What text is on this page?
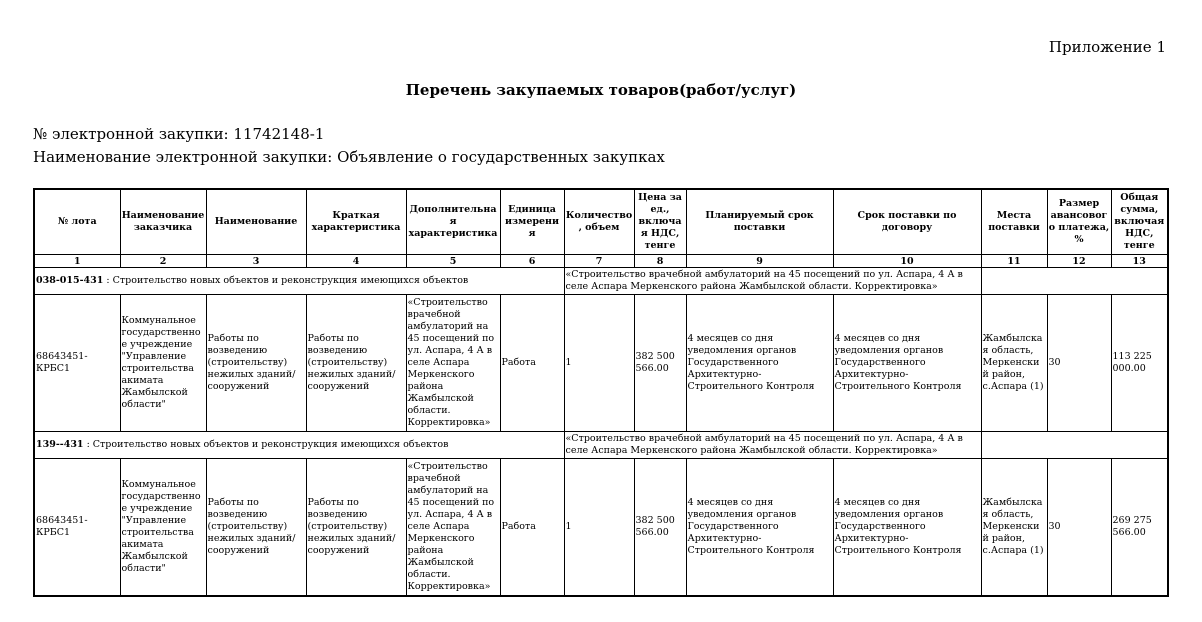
Приложение 1
Перечень закупаемых товаров(работ/услуг)
№ электронной закупки: 11742148-1
Наименование электронной закупки: Объявление о государственных закупках
№ лота	Наименование заказчика	Наименование	Краткая характеристика	Дополнительная характеристика	Единица измерения	Количество, объем	Цена за ед., включая НДС, тенге	Планируемый срок поставки	Срок поставки по договору	Места поставки	Размер авансового платежа, %	Общая сумма, включая НДС, тенге
1	2	3	4	5	6	7	8	9	10	11	12	13
038-015-431 : Строительство новых объектов и реконструкция имеющихся объектов						«Строительство врачебной амбулаторий на 45 посещений по ул. Аспара, 4 А в селе Аспара Меркенского района Жамбылской области. Корректировка»						
68643451-КРБС1	Коммунальное государственное учреждение "Управление строительства акимата Жамбылской области"	Работы по возведению (строительству) нежилых зданий/сооружений	Работы по возведению (строительству) нежилых зданий/сооружений	«Строительство врачебной амбулаторий на 45 посещений по ул. Аспара, 4 А в селе Аспара Меркенского района Жамбылской области. Корректировка»	Работа	1	382 500 566.00	4 месяцев со дня уведомления органов Государственного Архитектурно-Строительного Контроля	4 месяцев со дня уведомления органов Государственного Архитектурно-Строительного Контроля	Жамбылская область, Меркенский район, с.Аспара (1)	30	113 225 000.00
139--431 : Строительство новых объектов и реконструкция имеющихся объектов						«Строительство врачебной амбулаторий на 45 посещений по ул. Аспара, 4 А в селе Аспара Меркенского района Жамбылской области. Корректировка»						
68643451-КРБС1	Коммунальное государственное учреждение "Управление строительства акимата Жамбылской области"	Работы по возведению (строительству) нежилых зданий/сооружений	Работы по возведению (строительству) нежилых зданий/сооружений	«Строительство врачебной амбулаторий на 45 посещений по ул. Аспара, 4 А в селе Аспара Меркенского района Жамбылской области. Корректировка»	Работа	1	382 500 566.00	4 месяцев со дня уведомления органов Государственного Архитектурно-Строительного Контроля	4 месяцев со дня уведомления органов Государственного Архитектурно-Строительного Контроля	Жамбылская область, Меркенский район, с.Аспара (1)	30	269 275 566.00
